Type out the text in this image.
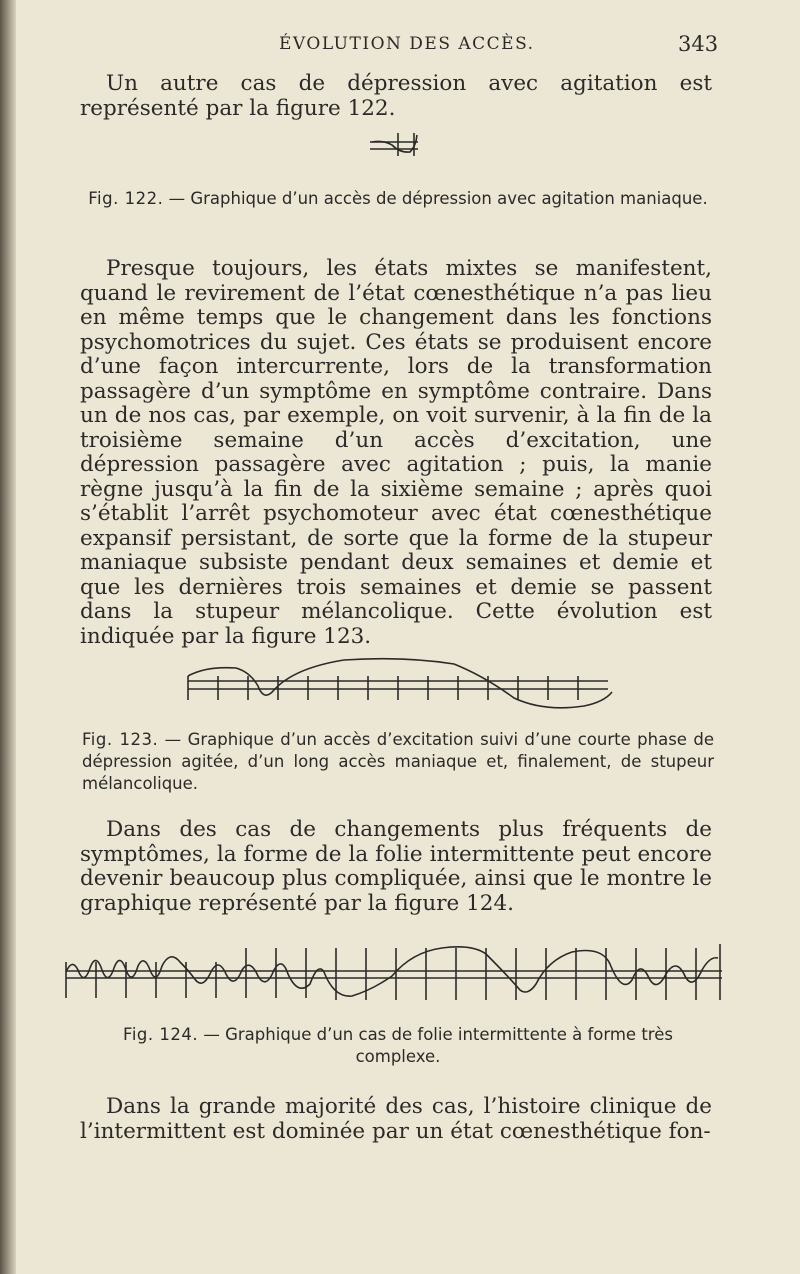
ÉVOLUTION DES ACCÈS.	343

Un autre cas de dépression avec agitation est représenté par la figure 122.

Fig. 122. — Graphique d’un accès de dépression avec agitation maniaque.

Presque toujours, les états mixtes se manifestent, quand le revirement de l’état cœnesthétique n’a pas lieu en même temps que le changement dans les fonctions psychomotrices du sujet. Ces états se produisent encore d’une façon intercurrente, lors de la transformation passagère d’un symptôme en symptôme contraire. Dans un de nos cas, par exemple, on voit survenir, à la fin de la troisième semaine d’un accès d’excitation, une dépression passagère avec agitation ; puis, la manie règne jusqu’à la fin de la sixième semaine ; après quoi s’établit l’arrêt psychomoteur avec état cœnesthétique expansif persistant, de sorte que la forme de la stupeur maniaque subsiste pendant deux semaines et demie et que les dernières trois semaines et demie se passent dans la stupeur mélancolique. Cette évolution est indiquée par la figure 123.

Fig. 123. — Graphique d’un accès d’excitation suivi d’une courte phase de dépression agitée, d’un long accès maniaque et, finalement, de stupeur mélancolique.

Dans des cas de changements plus fréquents de symptômes, la forme de la folie intermittente peut encore devenir beaucoup plus compliquée, ainsi que le montre le graphique représenté par la figure 124.

Fig. 124. — Graphique d’un cas de folie intermittente à forme très complexe.

Dans la grande majorité des cas, l’histoire clinique de l’intermittent est dominée par un état cœnesthétique fon-
